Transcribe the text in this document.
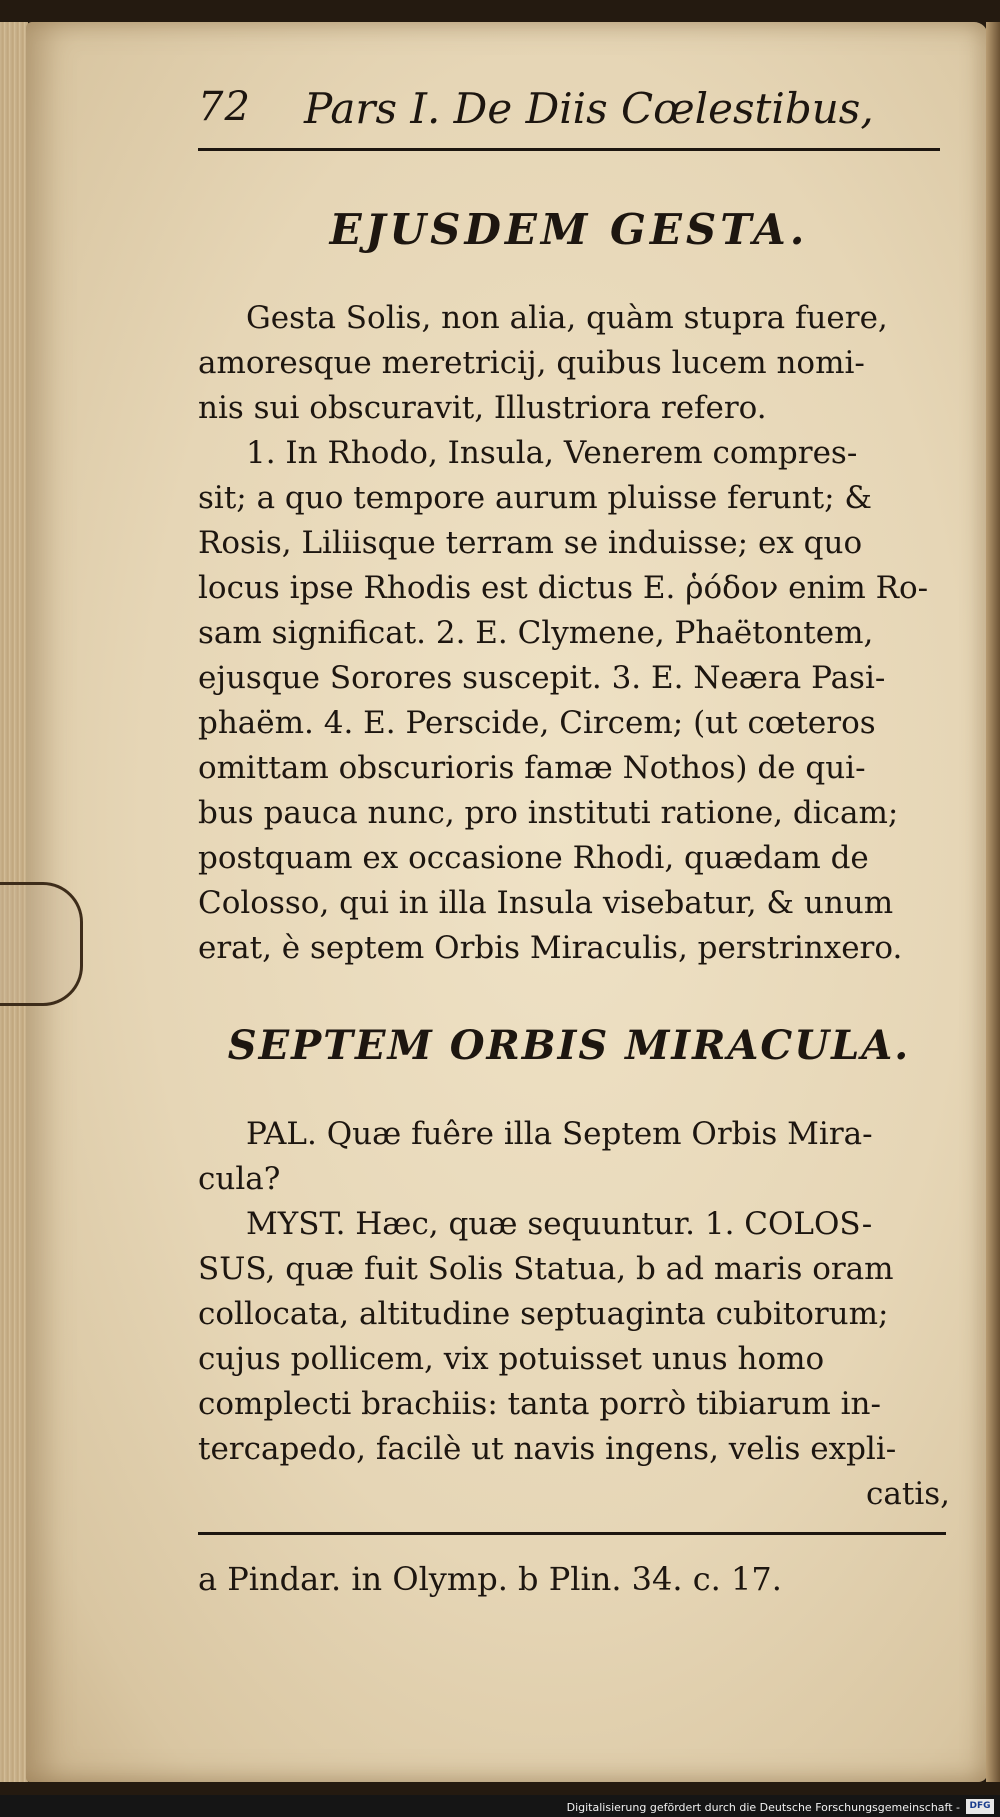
72 Pars I. De Diis Cœlestibus,
EJUSDEM GESTA.
Gesta Solis, non alia, quàm stupra fuere,
amoresque meretricij, quibus lucem nomi-
nis sui obscuravit, Illustriora refero.
1. In Rhodo, Insula, Venerem compres-
sit; a quo tempore aurum pluisse ferunt; &
Rosis, Liliisque terram se induisse; ex quo
locus ipse Rhodis est dictus E. ῥόδον enim Ro-
sam significat. 2. E. Clymene, Phaëtontem,
ejusque Sorores suscepit. 3. E. Neæra Pasi-
phaëm. 4. E. Perscide, Circem; (ut cœteros
omittam obscurioris famæ Nothos) de qui-
bus pauca nunc, pro instituti ratione, dicam;
postquam ex occasione Rhodi, quædam de
Colosso, qui in illa Insula visebatur, & unum
erat, è septem Orbis Miraculis, perstrinxero.
SEPTEM ORBIS MIRACULA.
PAL. Quæ fuêre illa Septem Orbis Mira-
cula?
MYST. Hæc, quæ sequuntur. 1. COLOS-
SUS, quæ fuit Solis Statua, b ad maris oram
collocata, altitudine septuaginta cubitorum;
cujus pollicem, vix potuisset unus homo
complecti brachiis: tanta porrò tibiarum in-
tercapedo, facilè ut navis ingens, velis expli-
catis,
a Pindar. in Olymp. b Plin. 34. c. 17.
Digitalisierung gefördert durch die Deutsche Forschungsgemeinschaft -	DFG
